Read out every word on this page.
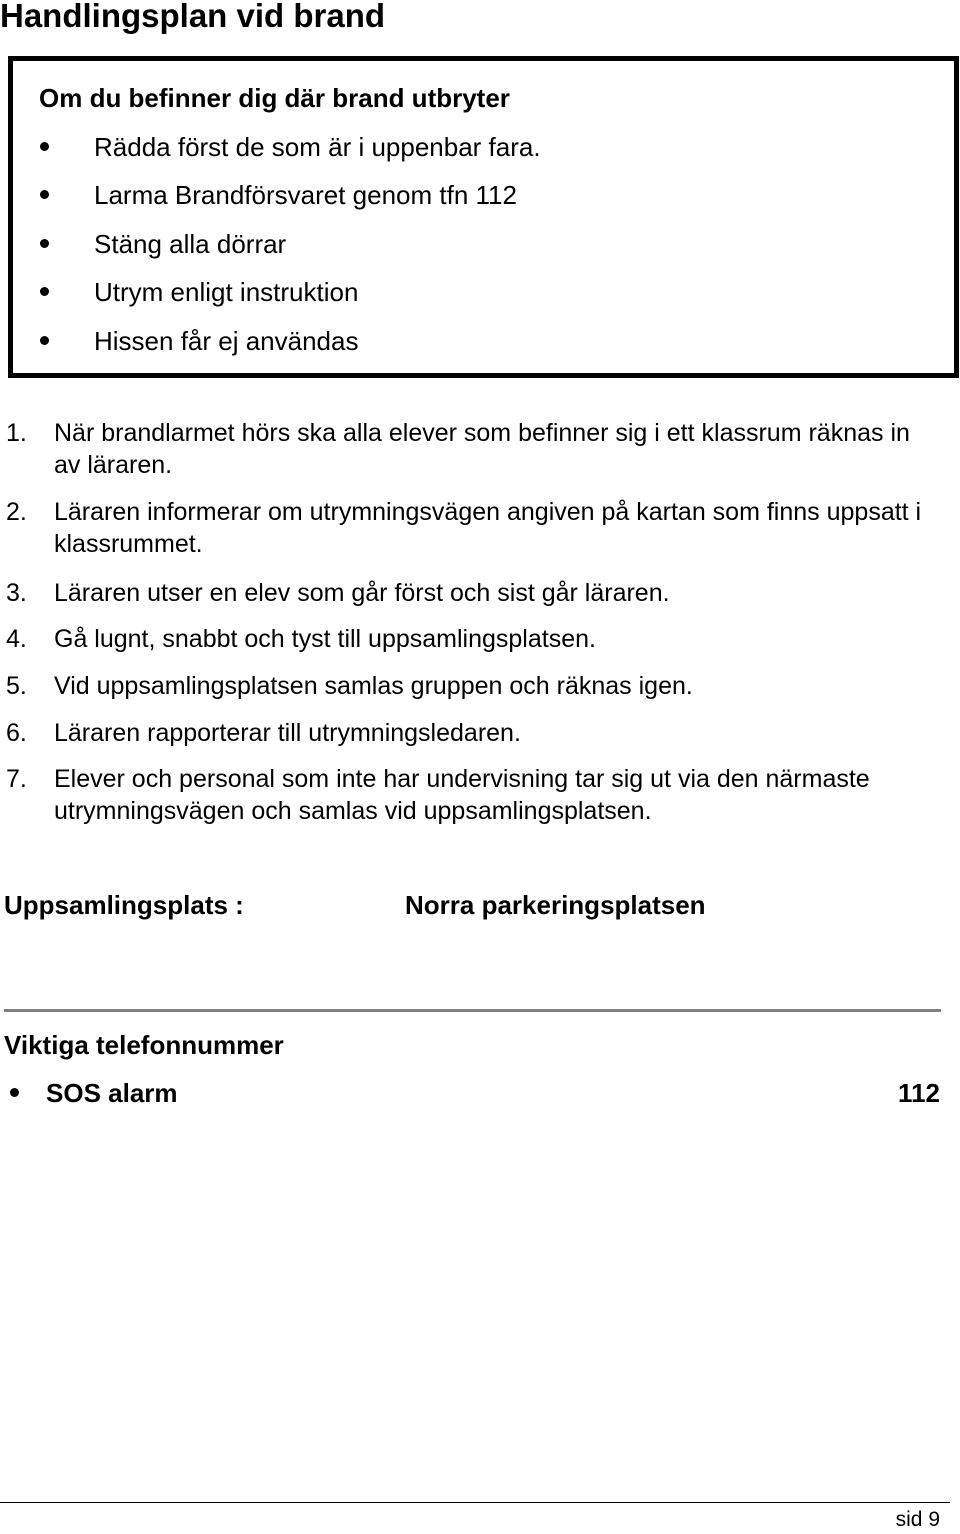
Handlingsplan vid brand
Om du befinner dig där brand utbryter
Rädda först de som är i uppenbar fara.
Larma Brandförsvaret genom tfn 112
Stäng alla dörrar
Utrym enligt instruktion
Hissen får ej användas
1. När brandlarmet hörs ska alla elever som befinner sig i ett klassrum räknas in av läraren.
2. Läraren informerar om utrymningsvägen angiven på kartan som finns uppsatt i klassrummet.
3. Läraren utser en elev som går först och sist går läraren.
4. Gå lugnt, snabbt och tyst till uppsamlingsplatsen.
5. Vid uppsamlingsplatsen samlas gruppen och räknas igen.
6. Läraren rapporterar till utrymningsledaren.
7. Elever och personal som inte har undervisning tar sig ut via den närmaste utrymningsvägen och samlas vid uppsamlingsplatsen.
Uppsamlingsplats :	Norra parkeringsplatsen
Viktiga telefonnummer
SOS alarm	112
sid 9
